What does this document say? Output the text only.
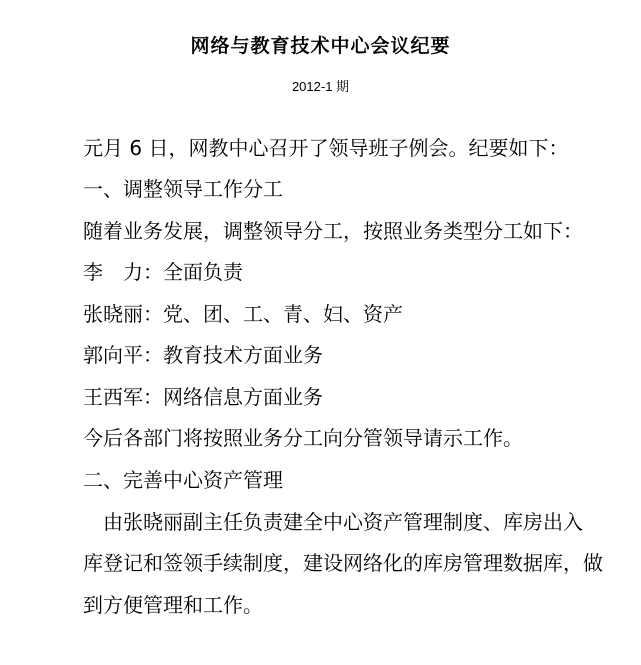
网络与教育技术中心会议纪要
2012-1 期
元月 6 日，网教中心召开了领导班子例会。纪要如下：
一、调整领导工作分工
随着业务发展，调整领导分工，按照业务类型分工如下：
李　力：全面负责
张晓丽：党、团、工、青、妇、资产
郭向平：教育技术方面业务
王西军：网络信息方面业务
今后各部门将按照业务分工向分管领导请示工作。
二、完善中心资产管理
　由张晓丽副主任负责建全中心资产管理制度、库房出入
库登记和签领手续制度，建设网络化的库房管理数据库，做
到方便管理和工作。
